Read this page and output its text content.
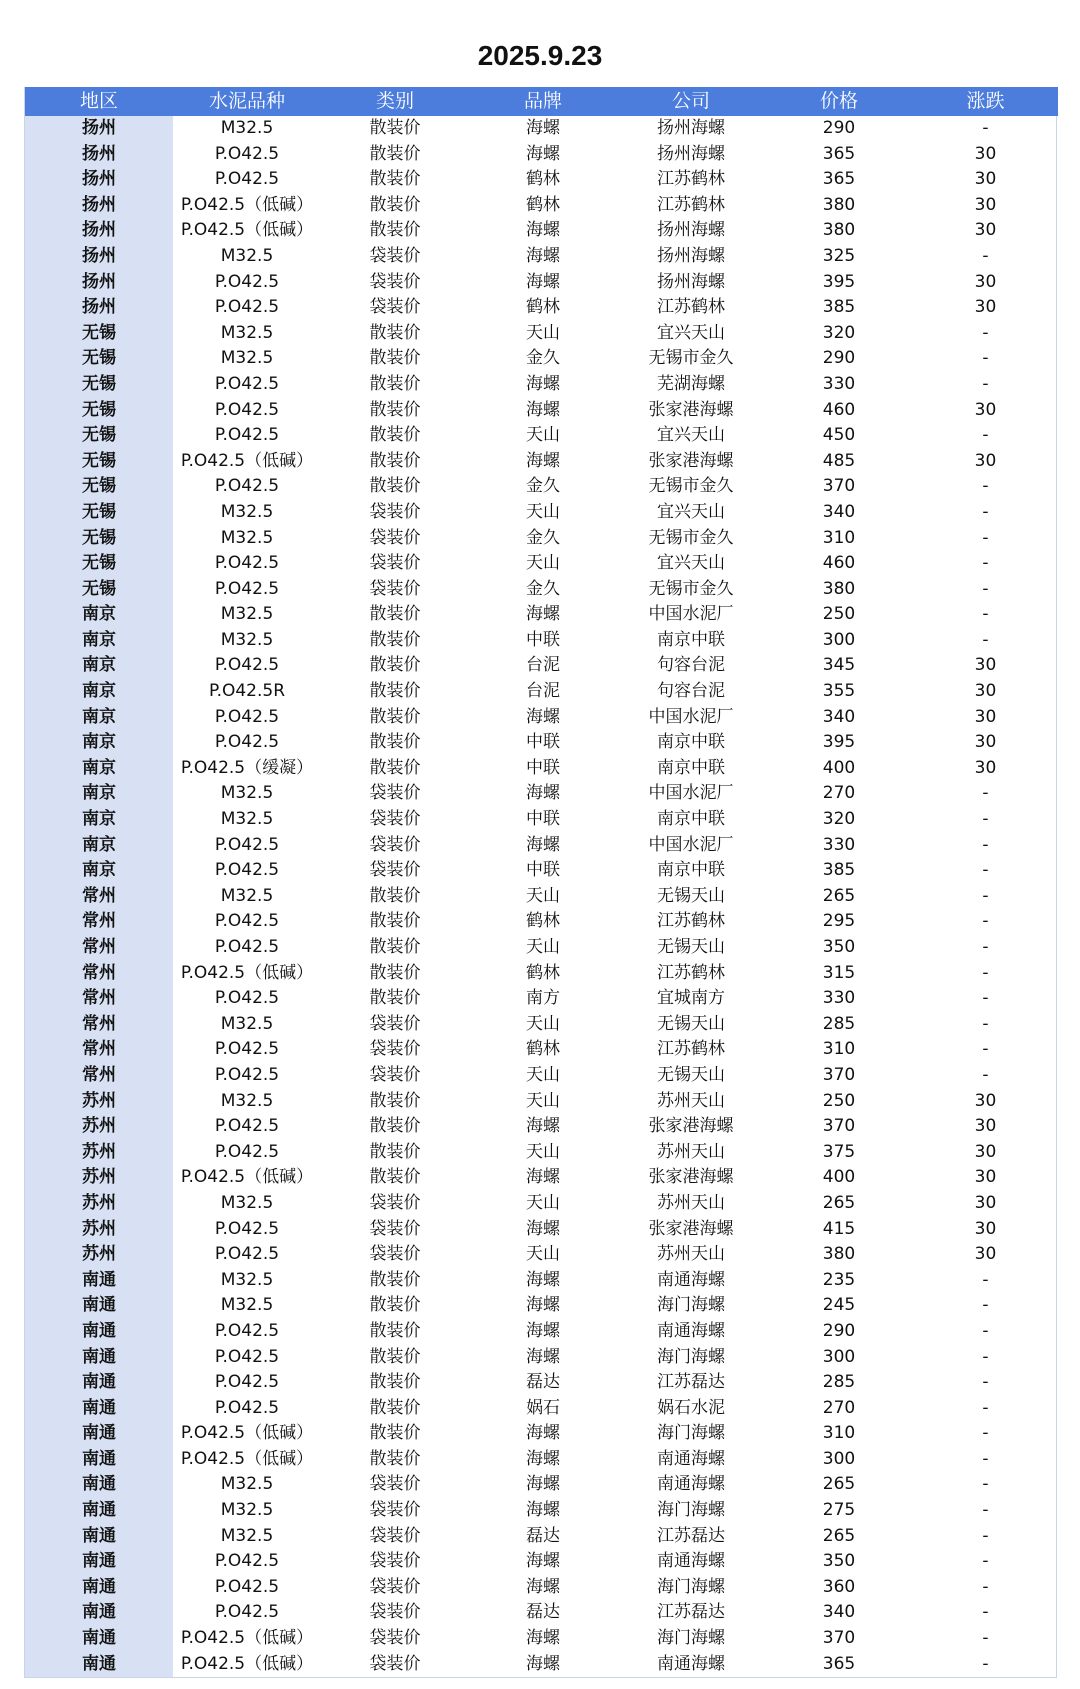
2025.9.23
地区	水泥品种	类别	品牌	公司	价格	涨跌
扬州	M32.5	散装价	海螺	扬州海螺	290	-
扬州	P.O42.5	散装价	海螺	扬州海螺	365	30
扬州	P.O42.5	散装价	鹤林	江苏鹤林	365	30
扬州	P.O42.5（低碱）	散装价	鹤林	江苏鹤林	380	30
扬州	P.O42.5（低碱）	散装价	海螺	扬州海螺	380	30
扬州	M32.5	袋装价	海螺	扬州海螺	325	-
扬州	P.O42.5	袋装价	海螺	扬州海螺	395	30
扬州	P.O42.5	袋装价	鹤林	江苏鹤林	385	30
无锡	M32.5	散装价	天山	宜兴天山	320	-
无锡	M32.5	散装价	金久	无锡市金久	290	-
无锡	P.O42.5	散装价	海螺	芜湖海螺	330	-
无锡	P.O42.5	散装价	海螺	张家港海螺	460	30
无锡	P.O42.5	散装价	天山	宜兴天山	450	-
无锡	P.O42.5（低碱）	散装价	海螺	张家港海螺	485	30
无锡	P.O42.5	散装价	金久	无锡市金久	370	-
无锡	M32.5	袋装价	天山	宜兴天山	340	-
无锡	M32.5	袋装价	金久	无锡市金久	310	-
无锡	P.O42.5	袋装价	天山	宜兴天山	460	-
无锡	P.O42.5	袋装价	金久	无锡市金久	380	-
南京	M32.5	散装价	海螺	中国水泥厂	250	-
南京	M32.5	散装价	中联	南京中联	300	-
南京	P.O42.5	散装价	台泥	句容台泥	345	30
南京	P.O42.5R	散装价	台泥	句容台泥	355	30
南京	P.O42.5	散装价	海螺	中国水泥厂	340	30
南京	P.O42.5	散装价	中联	南京中联	395	30
南京	P.O42.5（缓凝）	散装价	中联	南京中联	400	30
南京	M32.5	袋装价	海螺	中国水泥厂	270	-
南京	M32.5	袋装价	中联	南京中联	320	-
南京	P.O42.5	袋装价	海螺	中国水泥厂	330	-
南京	P.O42.5	袋装价	中联	南京中联	385	-
常州	M32.5	散装价	天山	无锡天山	265	-
常州	P.O42.5	散装价	鹤林	江苏鹤林	295	-
常州	P.O42.5	散装价	天山	无锡天山	350	-
常州	P.O42.5（低碱）	散装价	鹤林	江苏鹤林	315	-
常州	P.O42.5	散装价	南方	宜城南方	330	-
常州	M32.5	袋装价	天山	无锡天山	285	-
常州	P.O42.5	袋装价	鹤林	江苏鹤林	310	-
常州	P.O42.5	袋装价	天山	无锡天山	370	-
苏州	M32.5	散装价	天山	苏州天山	250	30
苏州	P.O42.5	散装价	海螺	张家港海螺	370	30
苏州	P.O42.5	散装价	天山	苏州天山	375	30
苏州	P.O42.5（低碱）	散装价	海螺	张家港海螺	400	30
苏州	M32.5	袋装价	天山	苏州天山	265	30
苏州	P.O42.5	袋装价	海螺	张家港海螺	415	30
苏州	P.O42.5	袋装价	天山	苏州天山	380	30
南通	M32.5	散装价	海螺	南通海螺	235	-
南通	M32.5	散装价	海螺	海门海螺	245	-
南通	P.O42.5	散装价	海螺	南通海螺	290	-
南通	P.O42.5	散装价	海螺	海门海螺	300	-
南通	P.O42.5	散装价	磊达	江苏磊达	285	-
南通	P.O42.5	散装价	娲石	娲石水泥	270	-
南通	P.O42.5（低碱）	散装价	海螺	海门海螺	310	-
南通	P.O42.5（低碱）	散装价	海螺	南通海螺	300	-
南通	M32.5	袋装价	海螺	南通海螺	265	-
南通	M32.5	袋装价	海螺	海门海螺	275	-
南通	M32.5	袋装价	磊达	江苏磊达	265	-
南通	P.O42.5	袋装价	海螺	南通海螺	350	-
南通	P.O42.5	袋装价	海螺	海门海螺	360	-
南通	P.O42.5	袋装价	磊达	江苏磊达	340	-
南通	P.O42.5（低碱）	袋装价	海螺	海门海螺	370	-
南通	P.O42.5（低碱）	袋装价	海螺	南通海螺	365	-
